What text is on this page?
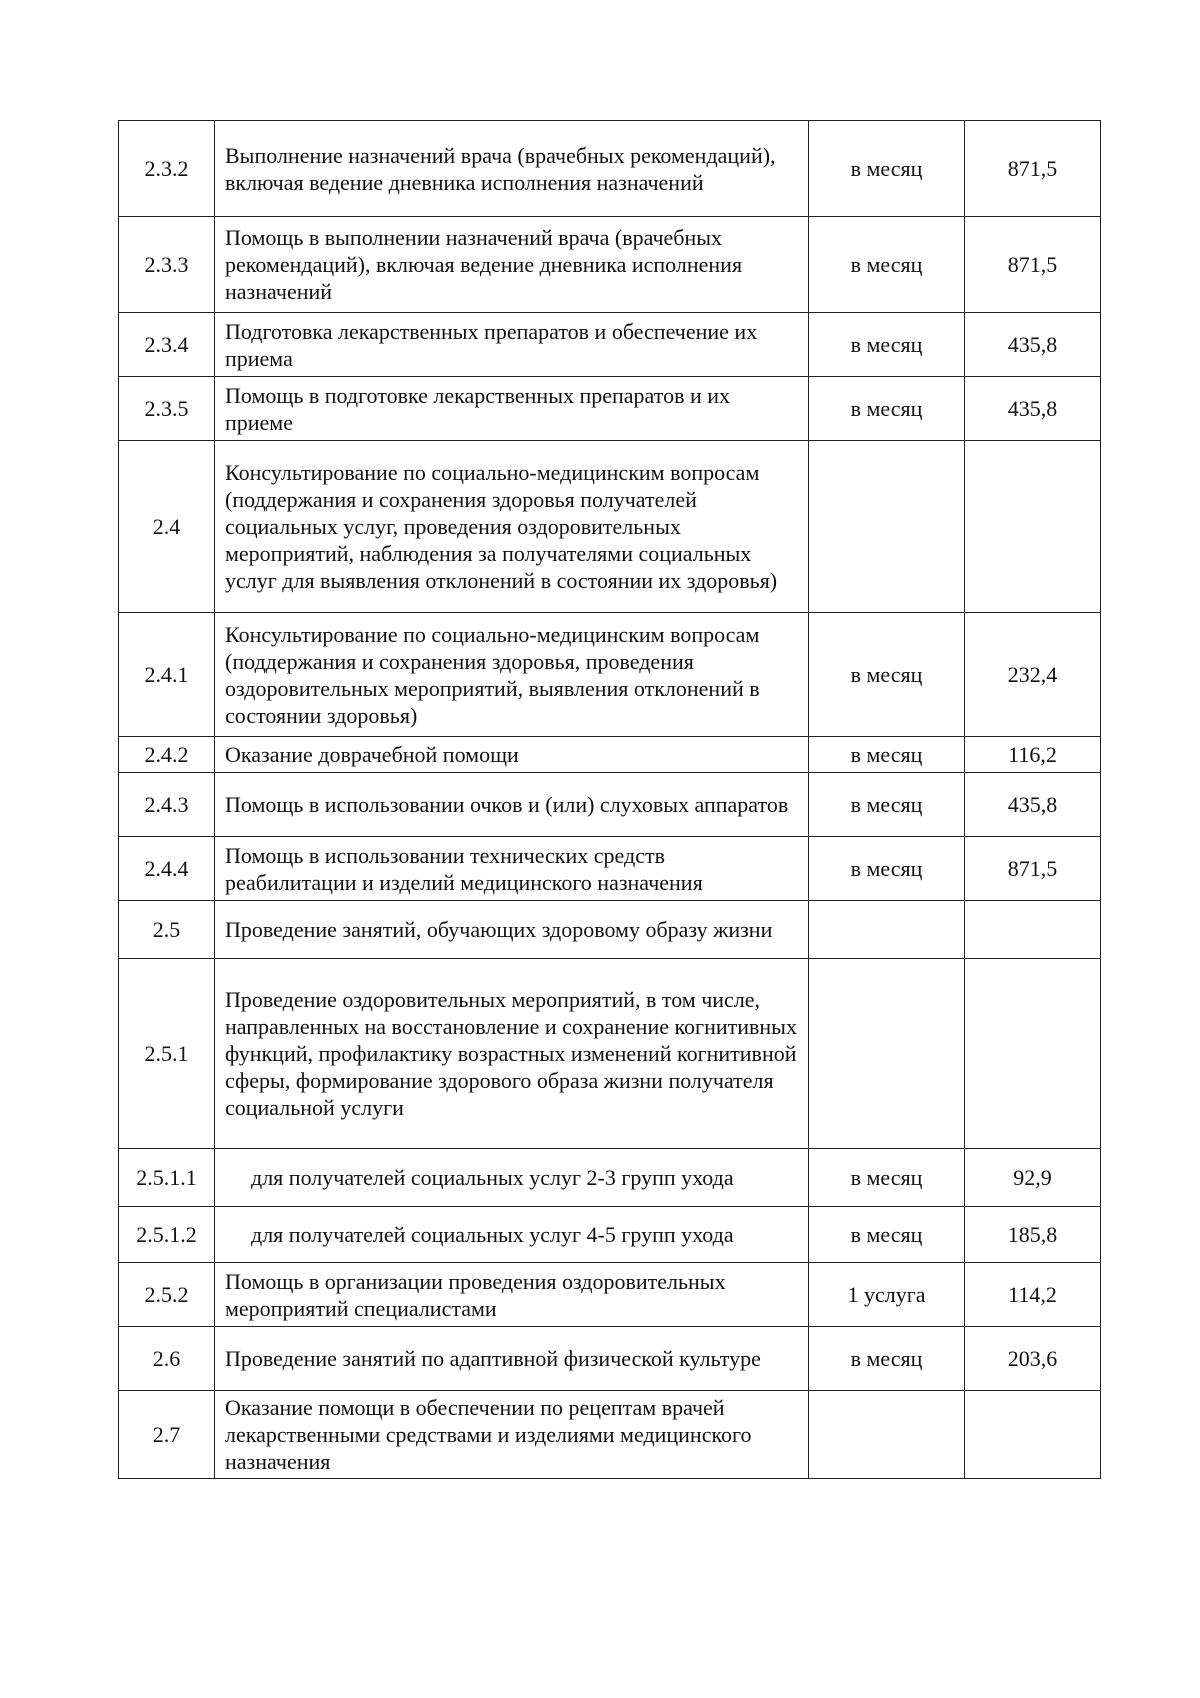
2.3.2	Выполнение назначений врача (врачебных рекомендаций), включая ведение дневника исполнения назначений	в месяц	871,5
2.3.3	Помощь в выполнении назначений врача (врачебных рекомендаций), включая ведение дневника исполнения назначений	в месяц	871,5
2.3.4	Подготовка лекарственных препаратов и обеспечение их приема	в месяц	435,8
2.3.5	Помощь в подготовке лекарственных препаратов и их приеме	в месяц	435,8
2.4	Консультирование по социально-медицинским вопросам (поддержания и сохранения здоровья получателей социальных услуг, проведения оздоровительных мероприятий, наблюдения за получателями социальных услуг для выявления отклонений в состоянии их здоровья)		
2.4.1	Консультирование по социально-медицинским вопросам (поддержания и сохранения здоровья, проведения оздоровительных мероприятий, выявления отклонений в состоянии здоровья)	в месяц	232,4
2.4.2	Оказание доврачебной помощи	в месяц	116,2
2.4.3	Помощь в использовании очков и (или) слуховых аппаратов	в месяц	435,8
2.4.4	Помощь в использовании технических средств реабилитации и изделий медицинского назначения	в месяц	871,5
2.5	Проведение занятий, обучающих здоровому образу жизни		
2.5.1	Проведение оздоровительных мероприятий, в том числе, направленных на восстановление и сохранение когнитивных функций, профилактику возрастных изменений когнитивной сферы, формирование здорового образа жизни получателя социальной услуги		
2.5.1.1	для получателей социальных услуг 2-3 групп ухода	в месяц	92,9
2.5.1.2	для получателей социальных услуг 4-5 групп ухода	в месяц	185,8
2.5.2	Помощь в организации проведения оздоровительных мероприятий специалистами	1 услуга	114,2
2.6	Проведение занятий по адаптивной физической культуре	в месяц	203,6
2.7	Оказание помощи в обеспечении по рецептам врачей лекарственными средствами и изделиями медицинского назначения		
